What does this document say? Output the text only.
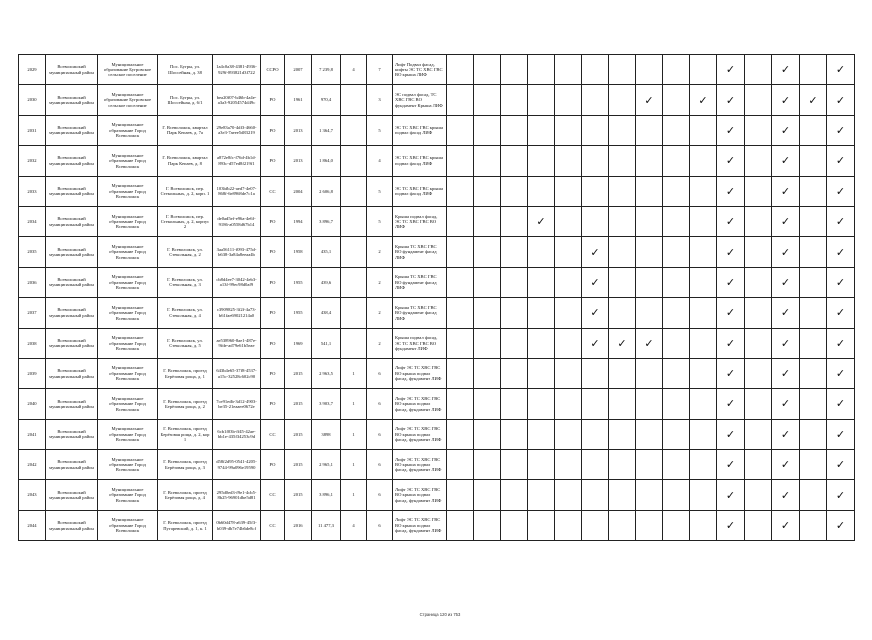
2029	Всеволожский муниципальный район	Муниципальное образование Бугровское сельское поселение	Пос. Бугры, ул. Шоссейная, д. 38	1a4c0a38-4381-4936-929f-893821d3f722	ССРО	2007	7 239,8	4	7	Лифт Подвал фасад, кифты ЭС ТС ХВС ГВС ВО крыша ЛИФ											✓		✓		✓
2030	Всеволожский муниципальный район	Муниципальное образование Бугровское сельское поселение	Пос. Бугры, ул. Шоссейная, д. 6/1	bea20f07-b46b-4a4e-a3a3-92054574d49c	РО	1961	970,4		3	ЭС подвал фасад, ТС ХВС ГВС ВО фундамент Крыша ЛИФ								✓		✓	✓		✓	✓	✓
2031	Всеволожский муниципальный район	Муниципальное образование Город Всеволожск	Г. Всеволожск, квартал Парк Кепаев, д. 7а	29e83a70-4df3-4660-a3e3-7aeee5d83219	РО	2013	1 364,7		5	ЭС ТС ХВС ГВС крыша подвал фасад ЛИФ											✓		✓		✓
2032	Всеволожский муниципальный район	Муниципальное образование Город Всеволожск	Г. Всеволожск, квартал Парк Кепаев, д. 8	a872e8fc-f76d-4b1d-893c-d57ed8f219f1	РО	2013	1 864,0		4	ЭС ТС ХВС ГВС крыша подвал фасад ЛИФ											✓		✓		✓
2033	Всеволожский муниципальный район	Муниципальное образование Город Всеволожск	Г. Всеволожск, пер. Стекольных, д. 2, корп. 1	103bfb22-aed7-4e07-868f-6e8968de7c1a	СС	2004	2 606,8		5	ЭС ТС ХВС ГВС крыша подвал фасад ЛИФ											✓		✓		✓
2034	Всеволожский муниципальный район	Муниципальное образование Город Всеволожск	Г. Всеволожск, пер. Стекольных, д. 2, корпус 2	de0ad5ef-e96a-4e6f-9186-a0558d67b14	РО	1994	3 896,7		5	Крыша подвал фасад, ЭС ТС ХВС ГВС ВО ЛИФ				✓							✓		✓		✓
2035	Всеволожский муниципальный район	Муниципальное образование Город Всеволожск	Г. Всеволожск, ул. Стекольная, д. 2	3aa56111-f093-475d-b638-3a84a8eeaa4b	РО	1958	435,1		2	Крыша ТС ХВС ГВС ВО фундамент фасад ЛИФ						✓					✓		✓		✓
2036	Всеволожский муниципальный район	Муниципальное образование Город Всеволожск	Г. Всеволожск, ул. Стекольная, д. 3	cb8d4ee7-3042-4eb3-a13f-99ec98d0af9	РО	1955	439,6		2	Крыша ТС ХВС ГВС ВО фундамент фасад ЛИФ						✓					✓		✓		✓
2037	Всеволожский муниципальный район	Муниципальное образование Город Всеволожск	Г. Всеволожск, ул. Стекольная, д. 4	c3909825-3f2f-4a73-b61fae69021214a0	РО	1955	438,4		2	Крыша ТС ХВС ГВС ВО фундамент фасад ЛИФ						✓					✓		✓		✓
2038	Всеволожский муниципальный район	Муниципальное образование Город Всеволожск	Г. Всеволожск, ул. Стекольная, д. 5	ae538960-8ae1-487e-9fde-ad79e61b5eae	РО	1969	541,1		2	Крыша подвал фасад, ЭС ТС ХВС ГВС ВО фундамент ЛИФ						✓	✓	✓			✓		✓		✓
2039	Всеволожский муниципальный район	Муниципальное образование Город Всеволожск	Г. Всеволожск, проезд Берёзовая роща, д. 1	643b4e65-37f8-4537-a15c-32528c602c90	РО	2015	2 963,5	1	6	Лифт ЭС ТС ХВС ГВС ВО крыша подвал фасад, фундамент ЛИФ											✓		✓		✓
2040	Всеволожский муниципальный район	Муниципальное образование Город Всеволожск	Г. Всеволожск, проезд Берёзовая роща, д. 2	7ce91edb-3d12-4903-be35-21eaaee0672e	РО	2015	3 903,7	1	6	Лифт ЭС ТС ХВС ГВС ВО крыша подвал фасад, фундамент ЛИФ											✓		✓		✓
2041	Всеволожский муниципальный район	Муниципальное образование Город Всеволожск	Г. Всеволожск, проезд Берёзовая роща, д. 2, кор 1	6cb1f03b-ff45-42ae-bb1e-435f34253c9d	СС	2015	3898	1	6	Лифт ЭС ТС ХВС ГВС ВО крыша подвал фасад, фундамент ЛИФ											✓		✓		✓
2042	Всеволожский муниципальный район	Муниципальное образование Город Всеволожск	Г. Всеволожск, проезд Берёзовая роща, д. 3	d58f2d95-0541-4205-9744-99a096e19590	РО	2015	2 965,1	1	6	Лифт ЭС ТС ХВС ГВС ВО крыша подвал фасад, фундамент ЛИФ											✓		✓		✓
2043	Всеволожский муниципальный район	Муниципальное образование Город Всеволожск	Г. Всеволожск, проезд Берёзовая роща, д. 4	295d0ed3-f9e1-4cb5-8b25-96901dbe5d81	СС	2015	3 896,1	1	6	Лифт ЭС ТС ХВС ГВС ВО крыша подвал фасад, фундамент ЛИФ											✓		✓		✓
2044	Всеволожский муниципальный район	Муниципальное образование Город Всеволожск	Г. Всеволожск, проезд Пугаревский, д. 1, к. 1	0b60d478-a639-45f3-b039-db7e74b6de8cf	СС	2016	11 477,3	4	6	Лифт ЭС ТС ХВС ГВС ВО крыша подвал фасад, фундамент ЛИФ											✓		✓		✓
Страница 120 из 753
